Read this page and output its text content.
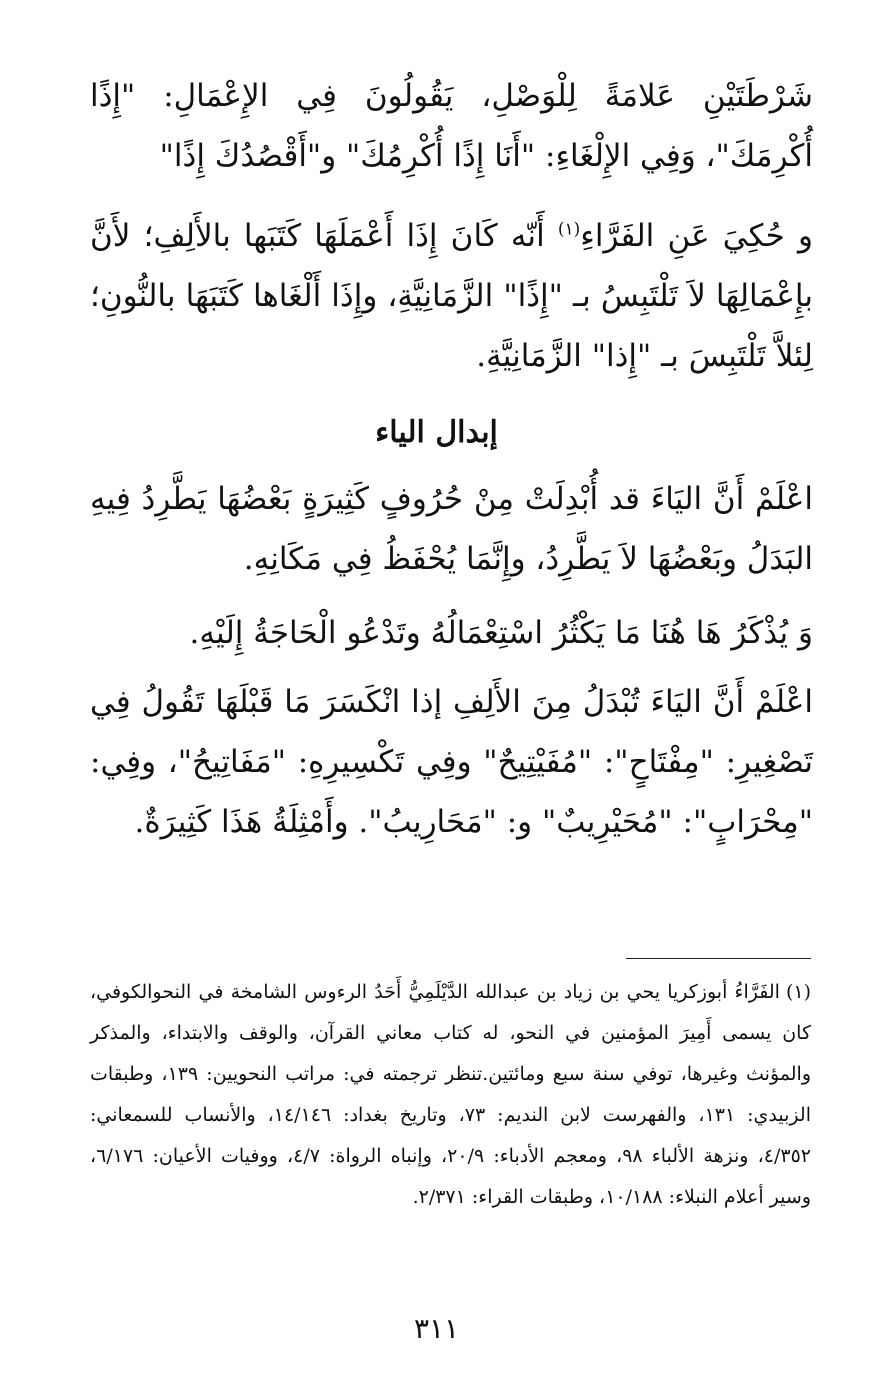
شَرْطَتَيْنِ عَلامَةً لِلْوَصْلِ، يَقُولُونَ فِي الإِعْمَالِ: "إِذًا أُكْرِمَكَ"، وَفِي الإِلْغَاءِ: "أَنَا إِذًا أُكْرِمُكَ" و"أَقْصُدُكَ إِذًا"

و حُكِيَ عَنِ الفَرَّاءِ$^{(١)}$ أَنّه كَانَ إِذَا أَعْمَلَهَا كَتَبَها بالأَلِفِ؛ لأَنَّ بإِعْمَالِهَا لاَ تَلْتَبِسُ بـ "إِذًا" الزَّمَانِيَّةِ، وإِذَا أَلْغَاها كَتَبَهَا بالنُّونِ؛ لِئلاَّ تَلْتَبِسَ بـ "إِذا" الزَّمَانِيَّةِ.

إبدال الياء

اعْلَمْ أَنَّ اليَاءَ قد أُبْدِلَتْ مِنْ حُرُوفٍ كَثِيرَةٍ بَعْضُهَا يَطَّرِدُ فِيهِ البَدَلُ وبَعْضُهَا لاَ يَطَّرِدُ، وإِنَّمَا يُحْفَظُ فِي مَكَانِهِ.

وَ يُذْكَرُ هَا هُنَا مَا يَكْثُرُ اسْتِعْمَالُهُ وتَدْعُو الْحَاجَةُ إِلَيْهِ.

اعْلَمْ أَنَّ اليَاءَ تُبْدَلُ مِنَ الأَلِفِ إذا انْكَسَرَ مَا قَبْلَهَا تَقُولُ فِي تَصْغِيرِ: "مِفْتَاحٍ": "مُفَيْتِيحٌ" وفِي تَكْسِيرِهِ: "مَفَاتِيحُ"، وفِي: "مِحْرَابٍ": "مُحَيْرِيبٌ" و: "مَحَارِيبُ". وأَمْثِلَةُ هَذَا كَثِيرَةٌ.

(١)الفَرَّاءُ أبوزكريا يحي بن زياد بن عبدالله الدَّيْلَمِيُّ أَحَدُ الرءوس الشامخة في النحوالكوفي، كان يسمى أَمِيرَ المؤمنين في النحو، له كتاب معاني القرآن، والوقف والابتداء، والمذكر والمؤنث وغيرها، توفي سنة سبع ومائتين.تنظر ترجمته في: مراتب النحويين: ١٣٩، وطبقات الزبيدي: ١٣١، والفهرست لابن النديم: ٧٣، وتاريخ بغداد: ١٤/١٤٦، والأنساب للسمعاني: ٤/٣٥٢، ونزهة الألباء ٩٨، ومعجم الأدباء: ٢٠/٩، وإنباه الرواة: ٤/٧، ووفيات الأعيان: ٦/١٧٦، وسير أعلام النبلاء: ١٠/١٨٨، وطبقات القراء: ٢/٣٧١.

٣١١
